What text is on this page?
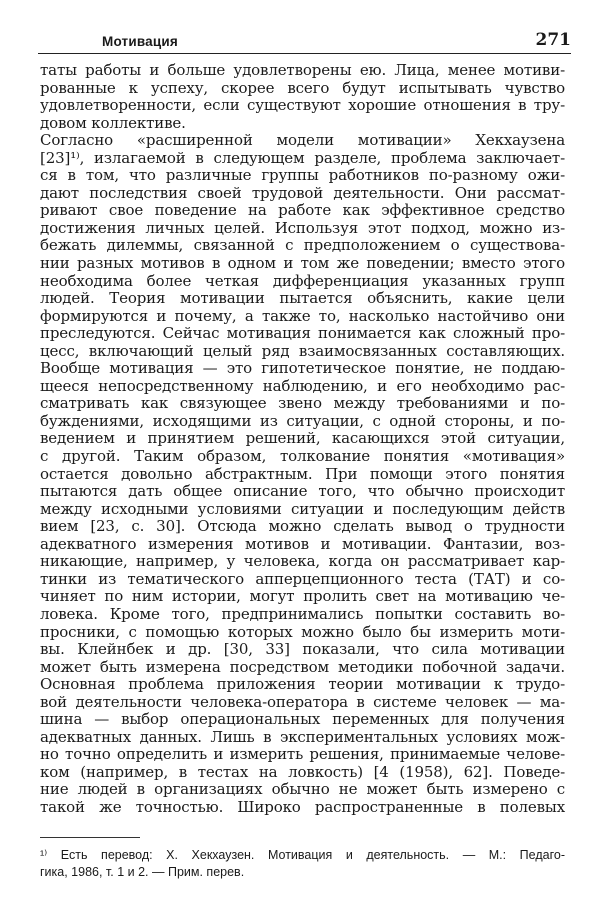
Мотивация	271
таты работы и больше удовлетворены ею. Лица, менее мотиви-
рованные к успеху, скорее всего будут испытывать чувство
удовлетворенности, если существуют хорошие отношения в тру-
довом коллективе.
Согласно «расширенной модели мотивации» Хекхаузена
[23]¹⁾, излагаемой в следующем разделе, проблема заключает-
ся в том, что различные группы работников по-разному ожи-
дают последствия своей трудовой деятельности. Они рассмат-
ривают свое поведение на работе как эффективное средство
достижения личных целей. Используя этот подход, можно из-
бежать дилеммы, связанной с предположением о существова-
нии разных мотивов в одном и том же поведении; вместо этого
необходима более четкая дифференциация указанных групп
людей. Теория мотивации пытается объяснить, какие цели
формируются и почему, а также то, насколько настойчиво они
преследуются. Сейчас мотивация понимается как сложный про-
цесс, включающий целый ряд взаимосвязанных составляющих.
Вообще мотивация — это гипотетическое понятие, не поддаю-
щееся непосредственному наблюдению, и его необходимо рас-
сматривать как связующее звено между требованиями и по-
буждениями, исходящими из ситуации, с одной стороны, и по-
ведением и принятием решений, касающихся этой ситуации,
с другой. Таким образом, толкование понятия «мотивация»
остается довольно абстрактным. При помощи этого понятия
пытаются дать общее описание того, что обычно происходит
между исходными условиями ситуации и последующим действ
вием [23, с. 30]. Отсюда можно сделать вывод о трудности
адекватного измерения мотивов и мотивации. Фантазии, воз-
никающие, например, у человека, когда он рассматривает кар-
тинки из тематического апперцепционного теста (ТАТ) и со-
чиняет по ним истории, могут пролить свет на мотивацию че-
ловека. Кроме того, предпринимались попытки составить во-
просники, с помощью которых можно было бы измерить моти-
вы. Клейнбек и др. [30, 33] показали, что сила мотивации
может быть измерена посредством методики побочной задачи.
Основная проблема приложения теории мотивации к трудо-
вой деятельности человека-оператора в системе человек — ма-
шина — выбор операциональных переменных для получения
адекватных данных. Лишь в экспериментальных условиях мож-
но точно определить и измерить решения, принимаемые челове-
ком (например, в тестах на ловкость) [4 (1958), 62]. Поведе-
ние людей в организациях обычно не может быть измерено с
такой же точностью. Широко распространенные в полевых
¹⁾ Есть перевод: Х. Хекхаузен. Мотивация и деятельность. — М.: Педаго-
гика, 1986, т. 1 и 2. — Прим. перев.
